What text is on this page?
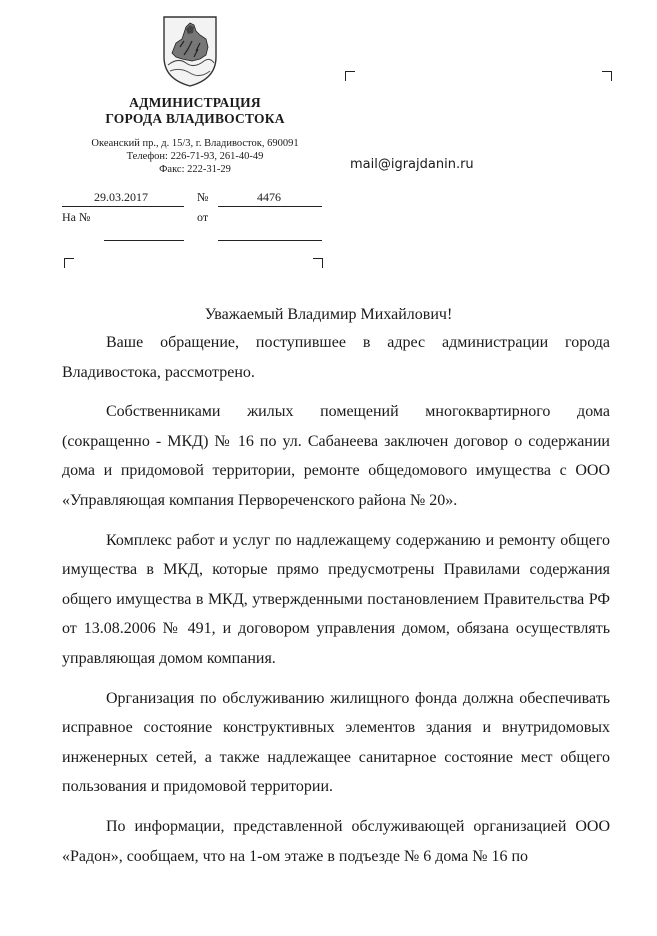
АДМИНИСТРАЦИЯ
ГОРОДА ВЛАДИВОСТОКА
Океанский пр., д. 15/3, г. Владивосток, 690091
Телефон: 226-71-93, 261-40-49
Факс: 222-31-29
29.03.2017	№	4476
На №	от
mail@igrajdanin.ru
Уважаемый Владимир Михайлович!

Ваше обращение, поступившее в адрес администрации города Владивостока, рассмотрено.

Собственниками жилых помещений многоквартирного дома (сокращенно - МКД) № 16 по ул. Сабанеева заключен договор о содержании дома и придомовой территории, ремонте общедомового имущества с ООО «Управляющая компания Первореченского района № 20».

Комплекс работ и услуг по надлежащему содержанию и ремонту общего имущества в МКД, которые прямо предусмотрены Правилами содержания общего имущества в МКД, утвержденными постановлением Правительства РФ от 13.08.2006 № 491, и договором управления домом, обязана осуществлять управляющая домом компания.

Организация по обслуживанию жилищного фонда должна обеспечивать исправное состояние конструктивных элементов здания и внутридомовых инженерных сетей, а также надлежащее санитарное состояние мест общего пользования и придомовой территории.

По информации, представленной обслуживающей организацией ООО «Радон», сообщаем, что на 1-ом этаже в подъезде № 6 дома № 16 по
